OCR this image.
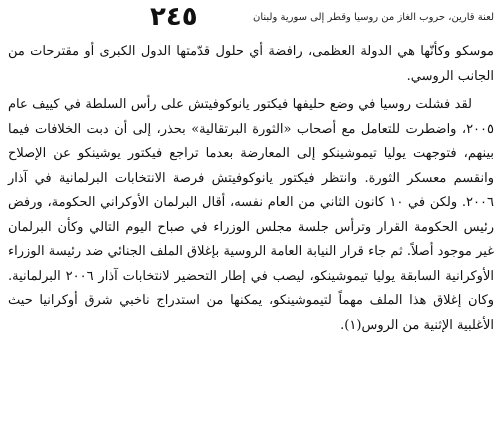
٢٤٥	لعنة قارين، حروب الغاز من روسيا وقطر إلى سورية ولبنان

موسكو وكأنّها هي الدولة العظمى، رافضة أي حلول قدّمتها الدول الكبرى أو مقترحات من الجانب الروسي.

لقد فشلت روسيا في وضع حليفها فيكتور يانوكوفيتش على رأس السلطة في كييف عام ٢٠٠٥، واضطرت للتعامل مع أصحاب «الثورة البرتقالية» بحذر، إلى أن دبت الخلافات فيما بينهم، فتوجهت يوليا تيموشينكو إلى المعارضة بعدما تراجع فيكتور يوشينكو عن الإصلاح وانقسم معسكر الثورة. وانتظر فيكتور يانوكوفيتش فرصة الانتخابات البرلمانية في آذار ٢٠٠٦. ولكن في ١٠ كانون الثاني من العام نفسه، أقال البرلمان الأوكراني الحكومة، ورفض رئيس الحكومة القرار وترأس جلسة مجلس الوزراء في صباح اليوم التالي وكأن البرلمان غير موجود أصلاً. ثم جاء قرار النيابة العامة الروسية بإغلاق الملف الجنائي ضد رئيسة الوزراء الأوكرانية السابقة يوليا تيموشينكو، ليصب في إطار التحضير لانتخابات آذار ٢٠٠٦ البرلمانية. وكان إغلاق هذا الملف مهماً لتيموشينكو، يمكنها من استدراج ناخبي شرق أوكرانيا حيث الأغلبية الإثنية من الروس(١).
